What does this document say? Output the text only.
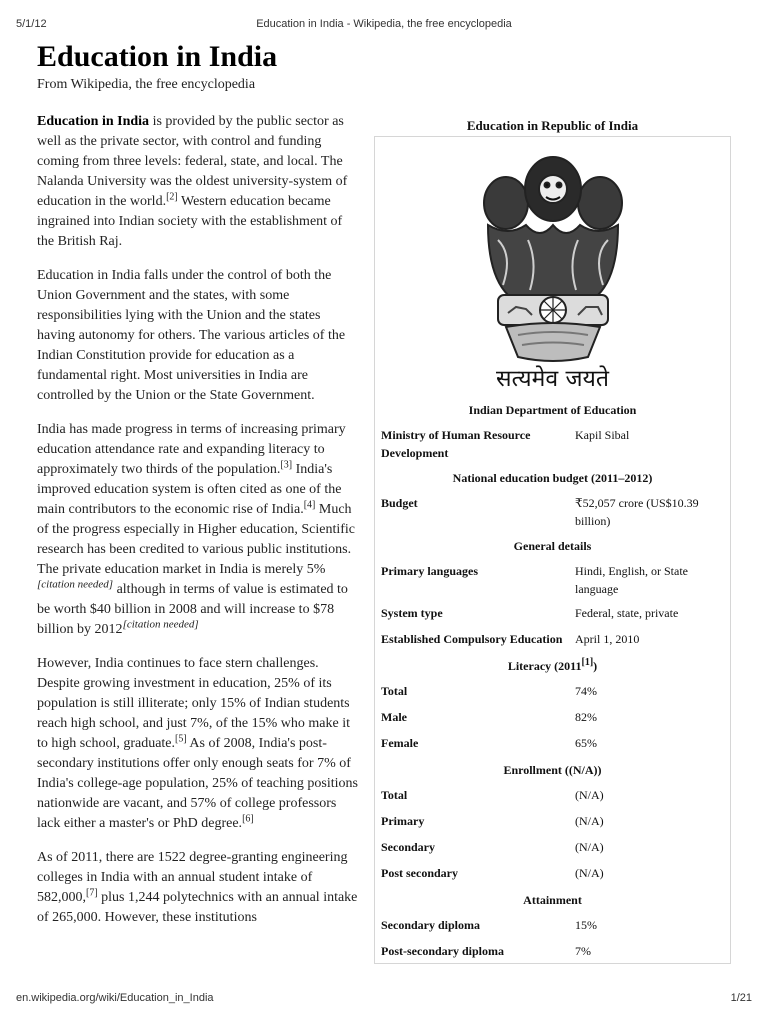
5/1/12	Education in India - Wikipedia, the free encyclopedia
Education in India
From Wikipedia, the free encyclopedia

Education in India is provided by the public sector as well as the private sector, with control and funding coming from three levels: federal, state, and local. The Nalanda University was the oldest university-system of education in the world.[2] Western education became ingrained into Indian society with the establishment of the British Raj.

Education in India falls under the control of both the Union Government and the states, with some responsibilities lying with the Union and the states having autonomy for others. The various articles of the Indian Constitution provide for education as a fundamental right. Most universities in India are controlled by the Union or the State Government.

India has made progress in terms of increasing primary education attendance rate and expanding literacy to approximately two thirds of the population.[3] India's improved education system is often cited as one of the main contributors to the economic rise of India.[4] Much of the progress especially in Higher education, Scientific research has been credited to various public institutions. The private education market in India is merely 5%[citation needed] although in terms of value is estimated to be worth $40 billion in 2008 and will increase to $78 billion by 2012[citation needed]

However, India continues to face stern challenges. Despite growing investment in education, 25% of its population is still illiterate; only 15% of Indian students reach high school, and just 7%, of the 15% who make it to high school, graduate.[5] As of 2008, India's post-secondary institutions offer only enough seats for 7% of India's college-age population, 25% of teaching positions nationwide are vacant, and 57% of college professors lack either a master's or PhD degree.[6]

As of 2011, there are 1522 degree-granting engineering colleges in India with an annual student intake of 582,000,[7] plus 1,244 polytechnics with an annual intake of 265,000. However, these institutions

Education in Republic of India
सत्यमेव जयते
Indian Department of Education	
Ministry of Human Resource Development	Kapil Sibal
National education budget (2011–2012)	
Budget	₹52,057 crore (US$10.39 billion)
General details	
Primary languages	Hindi, English, or State language
System type	Federal, state, private
Established Compulsory Education	April 1, 2010
Literacy (2011[1])	
Total	74%
Male	82%
Female	65%
Enrollment ((N/A))	
Total	(N/A)
Primary	(N/A)
Secondary	(N/A)
Post secondary	(N/A)
Attainment	
Secondary diploma	15%
Post-secondary diploma	7%
en.wikipedia.org/wiki/Education_in_India	1/21
